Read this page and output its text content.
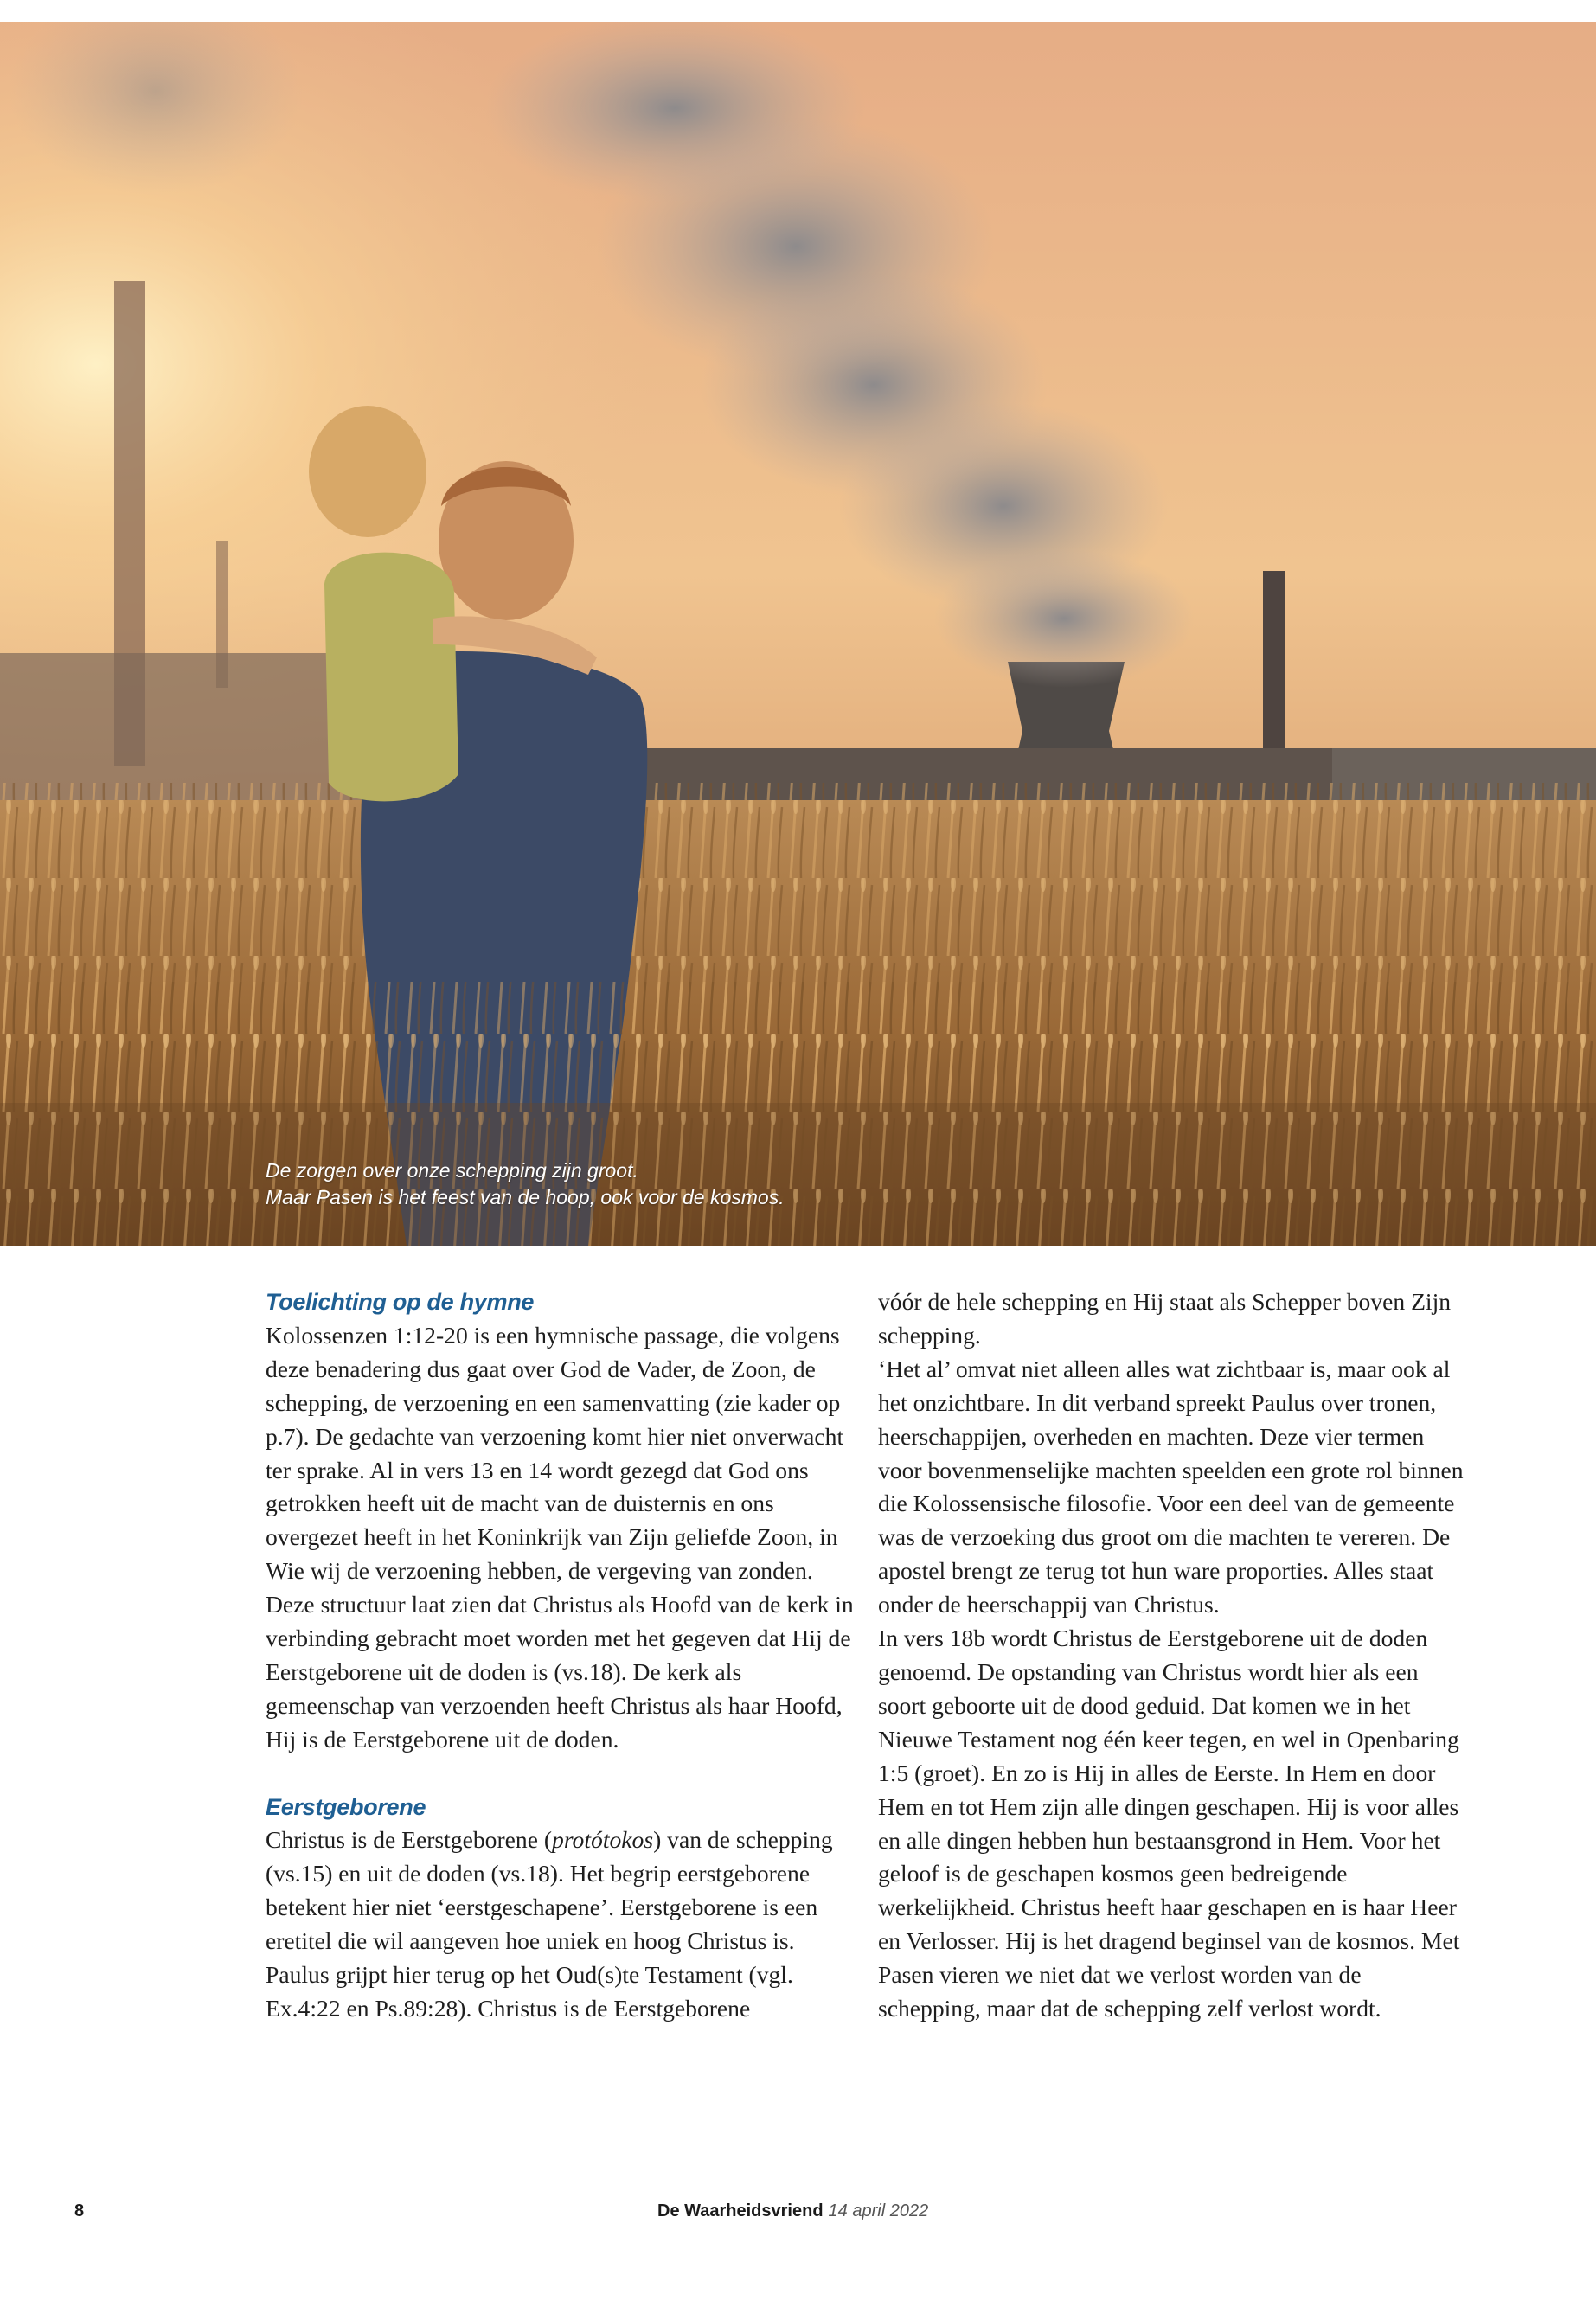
De zorgen over onze schepping zijn groot.
Maar Pasen is het feest van de hoop, ook voor de kosmos.
Toelichting op de hymne

Kolossenzen 1:12-20 is een hymnische passage, die volgens deze benadering dus gaat over God de Vader, de Zoon, de schepping, de verzoening en een samenvatting (zie kader op p.7). De gedachte van verzoening komt hier niet onverwacht ter sprake. Al in vers 13 en 14 wordt gezegd dat God ons getrokken heeft uit de macht van de duisternis en ons overgezet heeft in het Koninkrijk van Zijn geliefde Zoon, in Wie wij de verzoening hebben, de vergeving van zonden.

Deze structuur laat zien dat Christus als Hoofd van de kerk in verbinding gebracht moet worden met het gegeven dat Hij de Eerstgeborene uit de doden is (vs.18). De kerk als gemeenschap van verzoenden heeft Christus als haar Hoofd, Hij is de Eerstgeborene uit de doden.

Eerstgeborene

Christus is de Eerstgeborene (protótokos) van de schepping (vs.15) en uit de doden (vs.18). Het begrip eerstgeborene betekent hier niet ‘eerstgeschapene’. Eerstgeborene is een eretitel die wil aangeven hoe uniek en hoog Christus is. Paulus grijpt hier terug op het Oud(s)te Testament (vgl. Ex.4:22 en Ps.89:28). Christus is de Eerstgeborene

vóór de hele schepping en Hij staat als Schepper boven Zijn schepping.

‘Het al’ omvat niet alleen alles wat zichtbaar is, maar ook al het onzichtbare. In dit verband spreekt Paulus over tronen, heerschappijen, overheden en machten. Deze vier termen voor bovenmenselijke machten speelden een grote rol binnen die Kolossensische filosofie. Voor een deel van de gemeente was de verzoeking dus groot om die machten te vereren. De apostel brengt ze terug tot hun ware proporties. Alles staat onder de heerschappij van Christus.

In vers 18b wordt Christus de Eerstgeborene uit de doden genoemd. De opstanding van Christus wordt hier als een soort geboorte uit de dood geduid. Dat komen we in het Nieuwe Testament nog één keer tegen, en wel in Openbaring 1:5 (groet). En zo is Hij in alles de Eerste. In Hem en door Hem en tot Hem zijn alle dingen geschapen. Hij is voor alles en alle dingen hebben hun bestaansgrond in Hem. Voor het geloof is de geschapen kosmos geen bedreigende werkelijkheid. Christus heeft haar geschapen en is haar Heer en Verlosser. Hij is het dragend beginsel van de kosmos. Met Pasen vieren we niet dat we verlost worden van de schepping, maar dat de schepping zelf verlost wordt.

8	De Waarheidsvriend 14 april 2022
